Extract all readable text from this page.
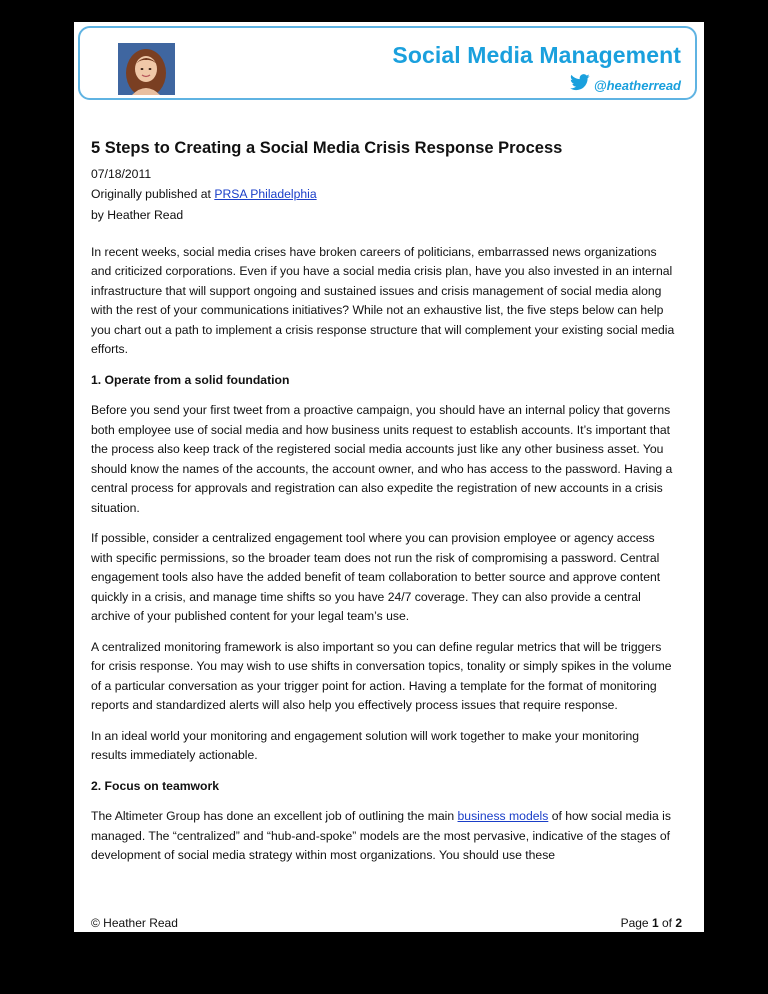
Social Media Management
@heatherread
5 Steps to Creating a Social Media Crisis Response Process
07/18/2011
Originally published at PRSA Philadelphia
by Heather Read

In recent weeks, social media crises have broken careers of politicians, embarrassed news organizations and criticized corporations. Even if you have a social media crisis plan, have you also invested in an internal infrastructure that will support ongoing and sustained issues and crisis management of social media along with the rest of your communications initiatives? While not an exhaustive list, the five steps below can help you chart out a path to implement a crisis response structure that will complement your existing social media efforts.

1. Operate from a solid foundation

Before you send your first tweet from a proactive campaign, you should have an internal policy that governs both employee use of social media and how business units request to establish accounts. It’s important that the process also keep track of the registered social media accounts just like any other business asset. You should know the names of the accounts, the account owner, and who has access to the password. Having a central process for approvals and registration can also expedite the registration of new accounts in a crisis situation.

If possible, consider a centralized engagement tool where you can provision employee or agency access with specific permissions, so the broader team does not run the risk of compromising a password. Central engagement tools also have the added benefit of team collaboration to better source and approve content quickly in a crisis, and manage time shifts so you have 24/7 coverage. They can also provide a central archive of your published content for your legal team’s use.

A centralized monitoring framework is also important so you can define regular metrics that will be triggers for crisis response. You may wish to use shifts in conversation topics, tonality or simply spikes in the volume of a particular conversation as your trigger point for action. Having a template for the format of monitoring reports and standardized alerts will also help you effectively process issues that require response.

In an ideal world your monitoring and engagement solution will work together to make your monitoring results immediately actionable.

2. Focus on teamwork

The Altimeter Group has done an excellent job of outlining the main business models of how social media is managed. The “centralized” and “hub-and-spoke” models are the most pervasive, indicative of the stages of development of social media strategy within most organizations. You should use these

© Heather Read	Page 1 of 2
